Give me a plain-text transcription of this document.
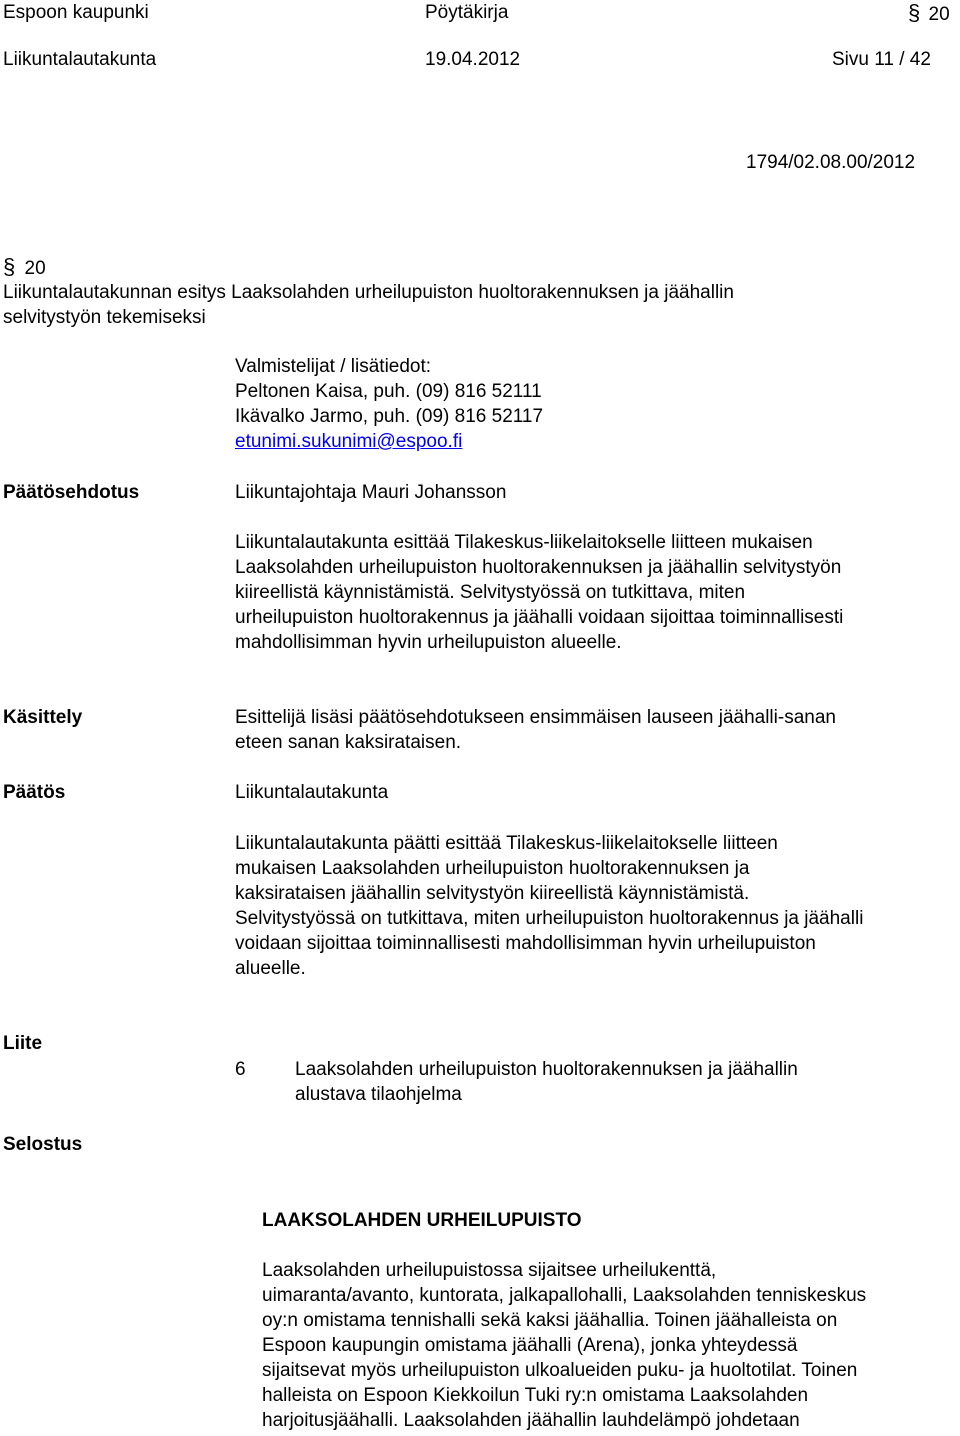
Espoon kaupunki	Pöytäkirja	§ 20
Liikuntalautakunta	19.04.2012	Sivu 11 / 42
1794/02.08.00/2012
§ 20
Liikuntalautakunnan esitys Laaksolahden urheilupuiston huoltorakennuksen ja jäähallin
selvitystyön tekemiseksi
Valmistelijat / lisätiedot:
Peltonen Kaisa, puh. (09) 816 52111
Ikävalko Jarmo, puh. (09) 816 52117
etunimi.sukunimi@espoo.fi
Päätösehdotus	Liikuntajohtaja Mauri Johansson
Liikuntalautakunta esittää Tilakeskus-liikelaitokselle liitteen mukaisen
Laaksolahden urheilupuiston huoltorakennuksen ja jäähallin selvitystyön
kiireellistä käynnistämistä. Selvitystyössä on tutkittava, miten
urheilupuiston huoltorakennus ja jäähalli voidaan sijoittaa toiminnallisesti
mahdollisimman hyvin urheilupuiston alueelle.
Käsittely	Esittelijä lisäsi päätösehdotukseen ensimmäisen lauseen jäähalli-sanan
eteen sanan kaksirataisen.
Päätös	Liikuntalautakunta
Liikuntalautakunta päätti esittää Tilakeskus-liikelaitokselle liitteen
mukaisen Laaksolahden urheilupuiston huoltorakennuksen ja
kaksirataisen jäähallin selvitystyön kiireellistä käynnistämistä.
Selvitystyössä on tutkittava, miten urheilupuiston huoltorakennus ja jäähalli
voidaan sijoittaa toiminnallisesti mahdollisimman hyvin urheilupuiston
alueelle.
Liite
6	Laaksolahden urheilupuiston huoltorakennuksen ja jäähallin
alustava tilaohjelma
Selostus
LAAKSOLAHDEN URHEILUPUISTO
Laaksolahden urheilupuistossa sijaitsee urheilukenttä,
uimaranta/avanto, kuntorata, jalkapallohalli, Laaksolahden tenniskeskus
oy:n omistama tennishalli sekä kaksi jäähallia. Toinen jäähalleista on
Espoon kaupungin omistama jäähalli (Arena), jonka yhteydessä
sijaitsevat myös urheilupuiston ulkoalueiden puku- ja huoltotilat. Toinen
halleista on Espoon Kiekkoilun Tuki ry:n omistama Laaksolahden
harjoitusjäähalli. Laaksolahden jäähallin lauhdelämpö johdetaan
